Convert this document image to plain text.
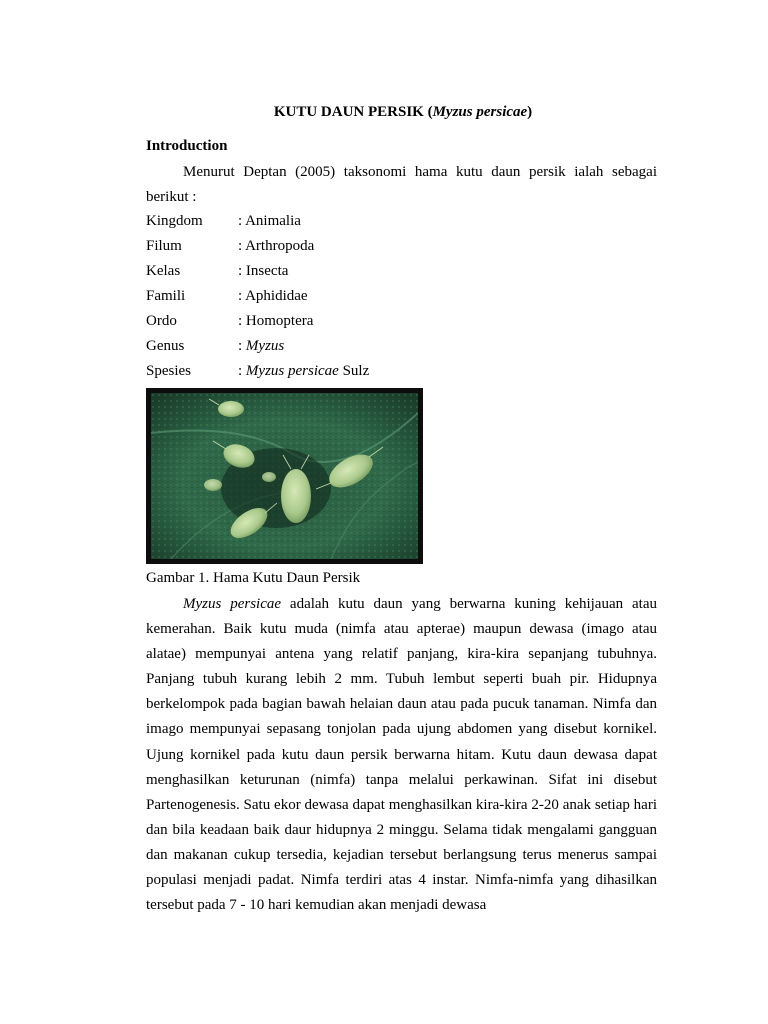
KUTU DAUN PERSIK (Myzus persicae)
Introduction
Menurut Deptan (2005) taksonomi hama kutu daun persik ialah sebagai berikut :
Kingdom : Animalia
Filum	: Arthropoda
Kelas	: Insecta
Famili	: Aphididae
Ordo	: Homoptera
Genus	: Myzus
Spesies	: Myzus persicae Sulz
Gambar 1. Hama Kutu Daun Persik

Myzus persicae adalah kutu daun yang berwarna kuning kehijauan atau kemerahan. Baik kutu muda (nimfa atau apterae) maupun dewasa (imago atau alatae) mempunyai antena yang relatif panjang, kira-kira sepanjang tubuhnya. Panjang tubuh kurang lebih 2 mm. Tubuh lembut seperti buah pir. Hidupnya berkelompok pada bagian bawah helaian daun atau pada pucuk tanaman. Nimfa dan imago mempunyai sepasang tonjolan pada ujung abdomen yang disebut kornikel. Ujung kornikel pada kutu daun persik berwarna hitam. Kutu daun dewasa dapat menghasilkan keturunan (nimfa) tanpa melalui perkawinan. Sifat ini disebut Partenogenesis. Satu ekor dewasa dapat menghasilkan kira-kira 2-20 anak setiap hari dan bila keadaan baik daur hidupnya 2 minggu. Selama tidak mengalami gangguan dan makanan cukup tersedia, kejadian tersebut berlangsung terus menerus sampai populasi menjadi padat. Nimfa terdiri atas 4 instar. Nimfa-nimfa yang dihasilkan tersebut pada 7 - 10 hari kemudian akan menjadi dewasa
